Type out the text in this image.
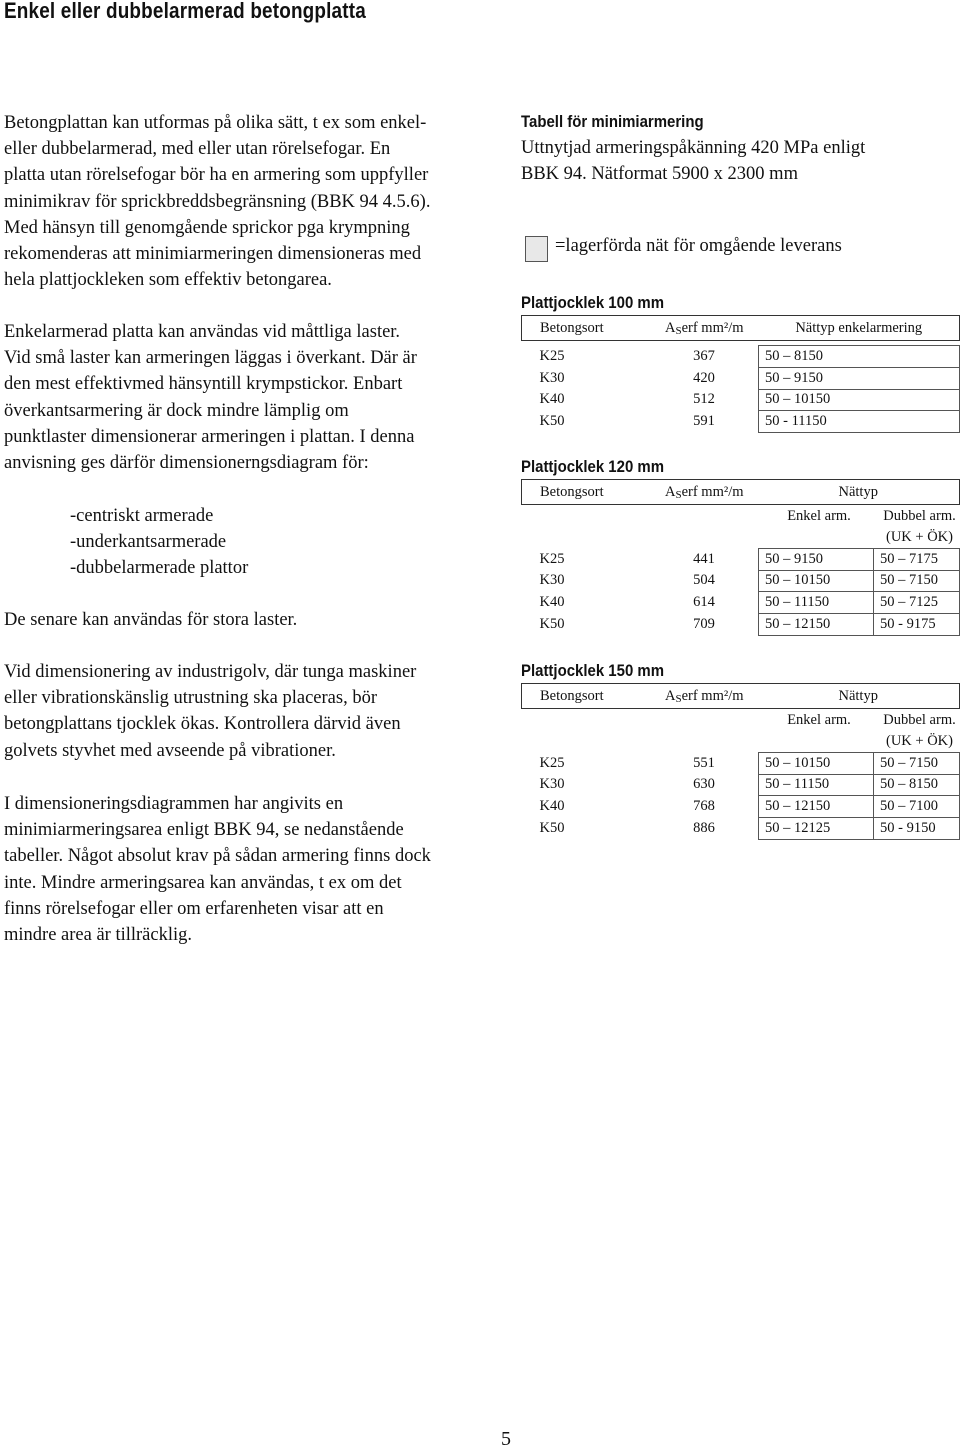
Enkel eller dubbelarmerad betongplatta
Betongplattan kan utformas på olika sätt, t ex som enkel-
eller dubbelarmerad, med eller utan rörelsefogar. En
platta utan rörelsefogar bör ha en armering som uppfyller
minimikrav för sprickbreddsbegränsning (BBK 94 4.5.6).
Med hänsyn till genomgående sprickor pga krympning
rekomenderas att minimiarmeringen dimensioneras med
hela plattjockleken som effektiv betongarea.
Enkelarmerad platta kan användas vid måttliga laster.
Vid små laster kan armeringen läggas i överkant. Där är
den mest effektivmed hänsyntill krympstickor. Enbart
överkantsarmering är dock mindre lämplig om
punktlaster dimensionerar armeringen i plattan. I denna
anvisning ges därför dimensionerngsdiagram för:
-centriskt armerade
-underkantsarmerade
-dubbelarmerade plattor
De senare kan användas för stora laster.
Vid dimensionering av industrigolv, där tunga maskiner
eller vibrationskänslig utrustning ska placeras, bör
betongplattans tjocklek ökas. Kontrollera därvid även
golvets styvhet med avseende på vibrationer.
I dimensioneringsdiagrammen har angivits en
minimiarmeringsarea enligt BBK 94, se nedanstående
tabeller. Något absolut krav på sådan armering finns dock
inte. Mindre armeringsarea kan användas, t ex om det
finns rörelsefogar eller om erfarenheten visar att en
mindre area är tillräcklig.
Tabell för minimiarmering
Uttnytjad armeringspåkänning 420 MPa enligt
BBK 94. Nätformat 5900 x 2300 mm
=lagerförda nät för omgående leverans
Plattjocklek 100 mm
Betongsort	ASerf mm²/m	Nättyp enkelarmering

K25	367	50 – 8150
K30	420	50 – 9150
K40	512	50 – 10150
K50	591	50 - 11150
Plattjocklek 120 mm
Betongsort	ASerf mm²/m	Nättyp	
		Enkel arm.	Dubbel arm.
			(UK + ÖK)
K25	441	50 – 9150	50 – 7175
K30	504	50 – 10150	50 – 7150
K40	614	50 – 11150	50 – 7125
K50	709	50 – 12150	50 - 9175
Plattjocklek 150 mm
Betongsort	ASerf mm²/m	Nättyp	
		Enkel arm.	Dubbel arm.
			(UK + ÖK)
K25	551	50 – 10150	50 – 7150
K30	630	50 – 11150	50 – 8150
K40	768	50 – 12150	50 – 7100
K50	886	50 – 12125	50 - 9150
5
